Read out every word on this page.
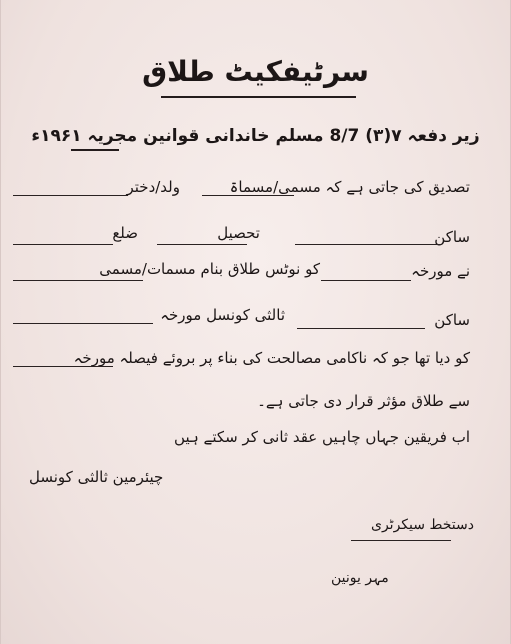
سرٹیفکیٹ طلاق
زیر دفعہ ۷(۳) 8/7 مسلم خاندانی قوانین مجریہ ۱۹۶۱ء
تصدیق کی جاتی ہے کہ مسمی/مسماۃ
ولد/دختر
ساکن
تحصیل
ضلع
نے مورخہ
کو نوٹس طلاق بنام مسمات/مسمی
ساکن
ثالثی کونسل مورخہ
کو دیا تھا جو کہ ناکامی مصالحت کی بناء پر بروئے فیصلہ مورخہ
سے طلاق مؤثر قرار دی جاتی ہے۔
اب فریقین جہاں چاہیں عقد ثانی کر سکتے ہیں
چیئرمین ثالثی کونسل
دستخط سیکرٹری
مہر یونین
